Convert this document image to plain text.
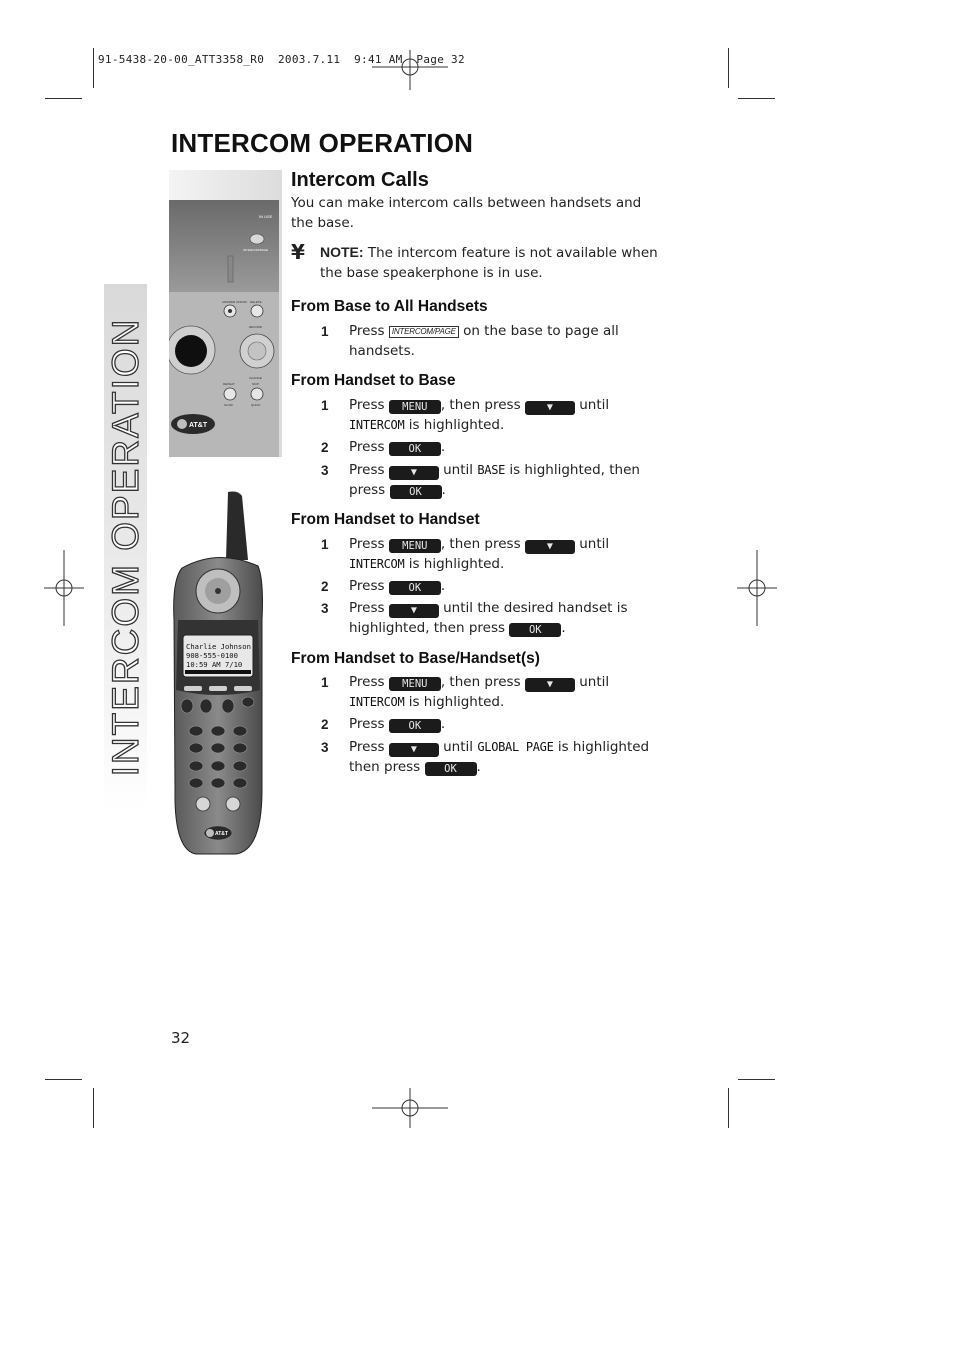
91-5438-20-00_ATT3358_R0  2003.7.11  9:41 AM  Page 32
INTERCOM OPERATION
INTERCOM OPERATION
IN USE
INTERCOM/PAGE
ANSWER ON/OFF DELETE
RECORD
CHANGE
REPEAT	SKIP
SLOW	QUICK
AT&T
Charlie Johnson
908-555-0100
10:59 AM 7/10
AT&T
Intercom Calls
You can make intercom calls between handsets and the base.
¥ NOTE: The intercom feature is not available when the base speakerphone is in use.
From Base to All Handsets
1 Press INTERCOM/PAGE on the base to page all handsets.
From Handset to Base
1 Press MENU , then press	▼ until
INTERCOM is highlighted.
2 Press OK .
3 Press	▼ until BASE is highlighted, then press OK .
From Handset to Handset
1 Press MENU , then press	▼ until
INTERCOM is highlighted.
2 Press OK .
3 Press	▼ until the desired handset is highlighted, then press OK .
From Handset to Base/Handset(s)
1 Press MENU , then press	▼ until
INTERCOM is highlighted.
2 Press OK .
3 Press	▼ until GLOBAL PAGE is highlighted then press OK .
32
